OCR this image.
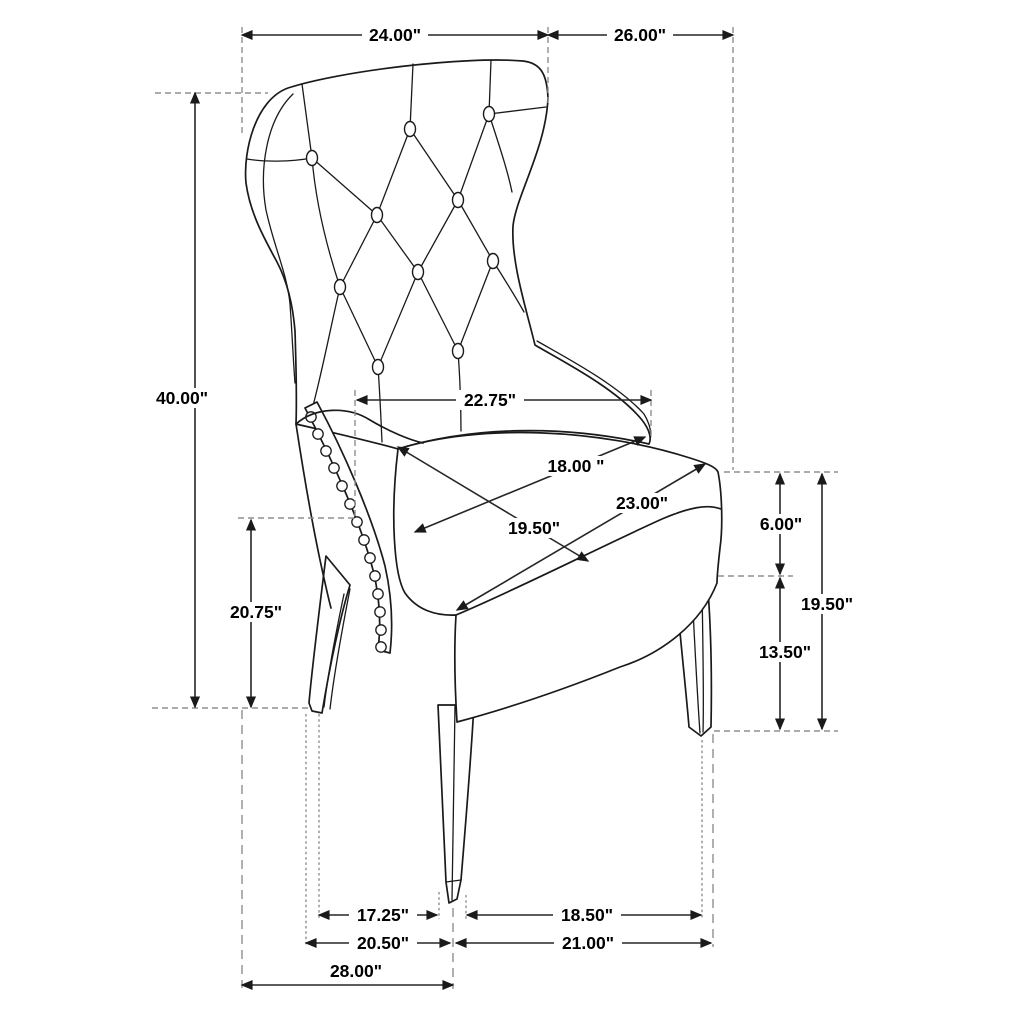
24.00"	26.00"
40.00"
20.75"
22.75"
18.00 "
19.50"
23.00"
6.00"
19.50"
13.50"
17.25"	18.50"
20.50"	21.00"
28.00"
